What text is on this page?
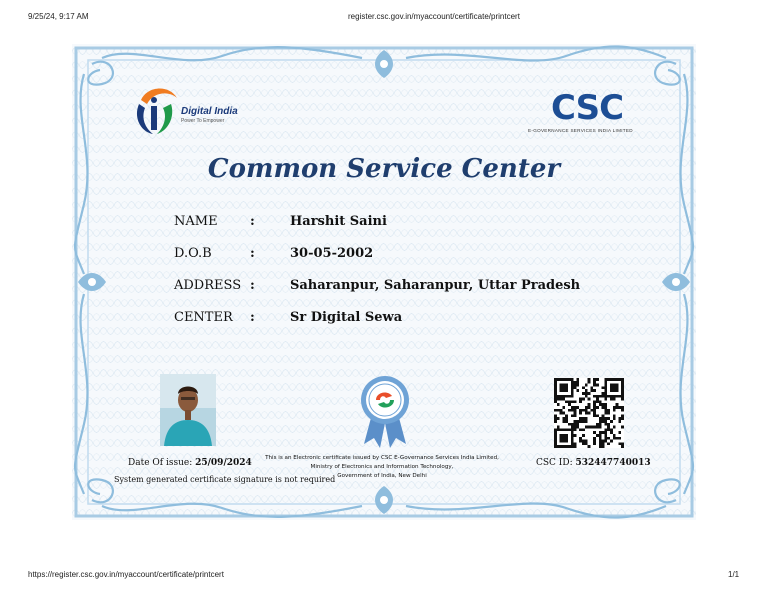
9/25/24, 9:17 AM	register.csc.gov.in/myaccount/certificate/printcert
Digital India
Power To Empower	CSC
E-GOVERNANCE SERVICES INDIA LIMITED
Common Service Center
NAME :	Harshit Saini
D.O.B	:	30-05-2002
ADDRESS :	Saharanpur, Saharanpur, Uttar Pradesh
CENTER :	Sr Digital Sewa
Date Of issue: 25/09/2024
System generated certificate signature is not required
This is an Electronic certificate issued by CSC E-Governance Services India Limited,
Ministry of Electronics and Information Technology,
Government of India, New Delhi
CSC ID: 532447740013
https://register.csc.gov.in/myaccount/certificate/printcert	1/1
